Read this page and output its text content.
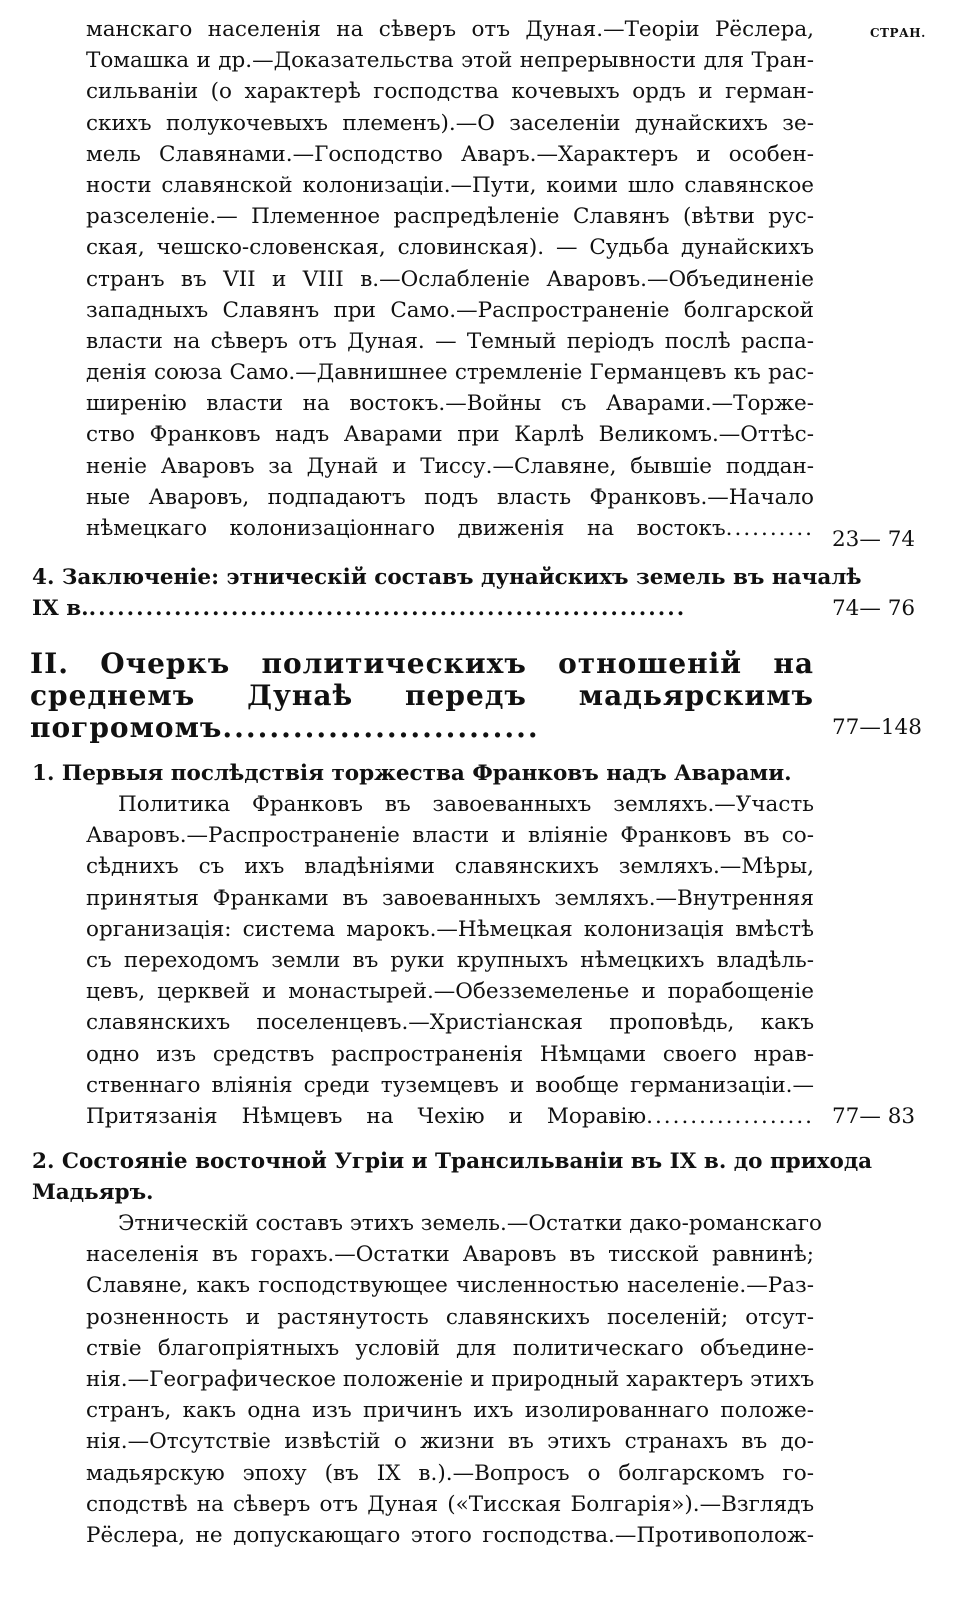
СТРАН.
манскаго населенія на сѣверъ отъ Дуная.—Теоріи Рёслера,
Томашка и др.—Доказательства этой непрерывности для Тран-
сильваніи (о характерѣ господства кочевыхъ ордъ и герман-
скихъ полукочевыхъ племенъ).—О заселеніи дунайскихъ зе-
мель Славянами.—Господство Аваръ.—Характеръ и особен-
ности славянской колонизаціи.—Пути, коими шло славянское
разселеніе.— Племенное распредѣленіе Славянъ (вѣтви рус-
ская, чешско-словенская, словинская). — Судьба дунайскихъ
странъ въ VII и VIII в.—Ослабленіе Аваровъ.—Объединеніе
западныхъ Славянъ при Само.—Распространеніе болгарской
власти на сѣверъ отъ Дуная. — Темный періодъ послѣ распа-
денія союза Само.—Давнишнее стремленіе Германцевъ къ рас-
ширенію власти на востокъ.—Войны съ Аварами.—Торже-
ство Франковъ надъ Аварами при Карлѣ Великомъ.—Оттѣс-
неніе Аваровъ за Дунай и Тиссу.—Славяне, бывшіе поддан-
ные Аваровъ, подпадаютъ подъ власть Франковъ.—Начало
нѣмецкаго колонизаціоннаго движенія на востокъ.......... 23— 74
4. Заключеніе: этническій составъ дунайскихъ земель въ началѣ
IX в................................................................	74— 76
II. Очеркъ политическихъ отношеній на
среднемъ Дунаѣ передъ мадьярскимъ
погромомъ...........................	77—148
1. Первыя послѣдствія торжества Франковъ надъ Аварами.
Политика Франковъ въ завоеванныхъ земляхъ.—Участь
Аваровъ.—Распространеніе власти и вліяніе Франковъ въ со-
сѣднихъ съ ихъ владѣніями славянскихъ земляхъ.—Мѣры,
принятыя Франками въ завоеванныхъ земляхъ.—Внутренняя
организація: система марокъ.—Нѣмецкая колонизація вмѣстѣ
съ переходомъ земли въ руки крупныхъ нѣмецкихъ владѣль-
цевъ, церквей и монастырей.—Обезземеленье и порабощеніе
славянскихъ поселенцевъ.—Христіанская проповѣдь, какъ
одно изъ средствъ распространенія Нѣмцами своего нрав-
ственнаго вліянія среди туземцевъ и вообще германизаціи.—
Притязанія Нѣмцевъ на Чехію и Моравію................... 77— 83
2. Состояніе восточной Угріи и Трансильваніи въ IX в. до прихода
Мадьяръ.
Этническій составъ этихъ земель.—Остатки дако-романскаго
населенія въ горахъ.—Остатки Аваровъ въ тисской равнинѣ;
Славяне, какъ господствующее численностью населеніе.—Раз-
розненность и растянутость славянскихъ поселеній; отсут-
ствіе благопріятныхъ условій для политическаго объедине-
нія.—Географическое положеніе и природный характеръ этихъ
странъ, какъ одна изъ причинъ ихъ изолированнаго положе-
нія.—Отсутствіе извѣстій о жизни въ этихъ странахъ въ до-
мадьярскую эпоху (въ IX в.).—Вопросъ о болгарскомъ го-
сподствѣ на сѣверъ отъ Дуная («Тисская Болгарія»).—Взглядъ
Рёслера, не допускающаго этого господства.—Противополож-
